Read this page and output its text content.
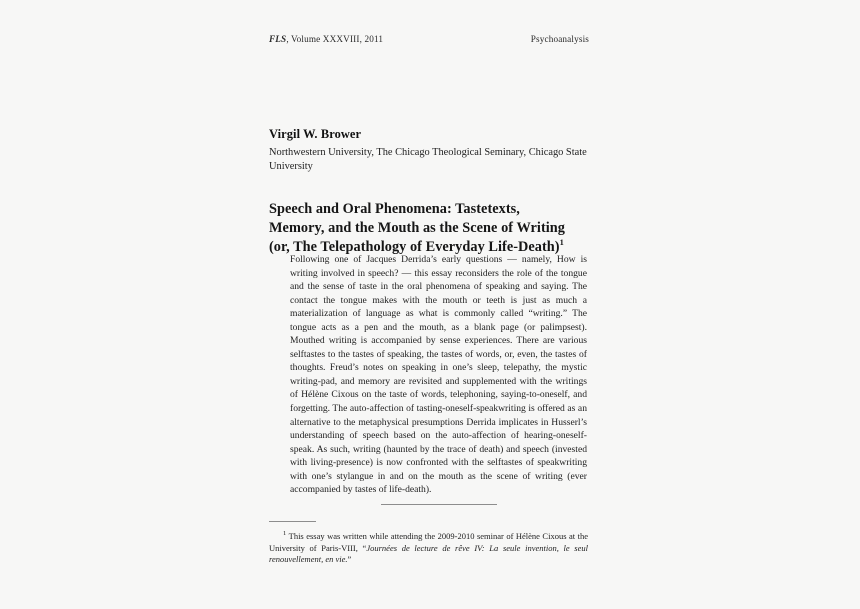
FLS, Volume XXXVIII, 2011	Psychoanalysis
Virgil W. Brower
Northwestern University, The Chicago Theological Seminary, Chicago State University
Speech and Oral Phenomena: Tastetexts,
Memory, and the Mouth as the Scene of Writing
(or, The Telepathology of Everyday Life-Death)$^1$

Following one of Jacques Derrida’s early questions — namely, How is writing involved in speech? — this essay reconsiders the role of the tongue and the sense of taste in the oral phenomena of speaking and saying. The contact the tongue makes with the mouth or teeth is just as much a materialization of language as what is commonly called “writing.” The tongue acts as a pen and the mouth, as a blank page (or palimpsest). Mouthed writing is accompanied by sense experiences. There are various selftastes to the tastes of speaking, the tastes of words, or, even, the tastes of thoughts. Freud’s notes on speaking in one’s sleep, telepathy, the mystic writing-pad, and memory are revisited and supplemented with the writings of Hélène Cixous on the taste of words, telephoning, saying-to-oneself, and forgetting. The auto-affection of tasting-oneself-speakwriting is offered as an alternative to the metaphysical presumptions Derrida implicates in Husserl’s understanding of speech based on the auto-affection of hearing-oneself-speak. As such, writing (haunted by the trace of death) and speech (invested with living-presence) is now confronted with the selftastes of speakwriting with one’s stylangue in and on the mouth as the scene of writing (ever accompanied by tastes of life-death).

$^1$ This essay was written while attending the 2009-2010 seminar of Hélène Cixous at the University of Paris-VIII, “Journées de lecture de rêve IV: La seule invention, le seul renouvellement, en vie.”
